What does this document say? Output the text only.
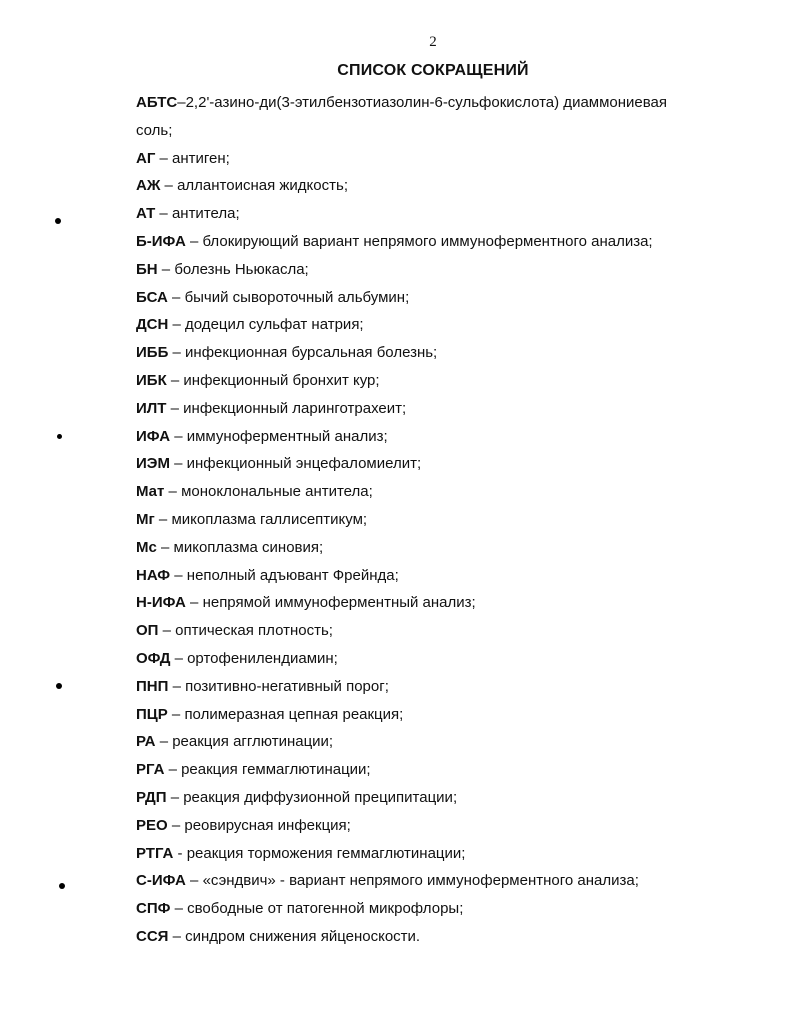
2
СПИСОК СОКРАЩЕНИЙ
АБТС–2,2'-азино-ди(3-этилбензотиазолин-6-сульфокислота) диаммониевая
соль;
АГ – антиген;
АЖ – аллантоисная жидкость;
АТ – антитела;
Б-ИФА – блокирующий вариант непрямого иммуноферментного анализа;
БН – болезнь Ньюкасла;
БСА – бычий сывороточный альбумин;
ДСН – додецил сульфат натрия;
ИББ – инфекционная бурсальная болезнь;
ИБК – инфекционный бронхит кур;
ИЛТ – инфекционный ларинготрахеит;
ИФА – иммуноферментный анализ;
ИЭМ – инфекционный энцефаломиелит;
Мат – моноклональные антитела;
Mг – микоплазма галлисептикум;
Mc – микоплазма синовия;
НАФ – неполный адъювант Фрейнда;
Н-ИФА – непрямой иммуноферментный анализ;
ОП – оптическая плотность;
ОФД – ортофенилендиамин;
ПНП – позитивно-негативный порог;
ПЦР – полимеразная цепная реакция;
РА – реакция агглютинации;
РГА – реакция геммаглютинации;
РДП – реакция диффузионной преципитации;
РЕО – реовирусная инфекция;
РТГА - реакция торможения геммаглютинации;
С-ИФА – «сэндвич» - вариант непрямого иммуноферментного анализа;
СПФ – свободные от патогенной микрофлоры;
ССЯ – синдром снижения яйценоскости.
